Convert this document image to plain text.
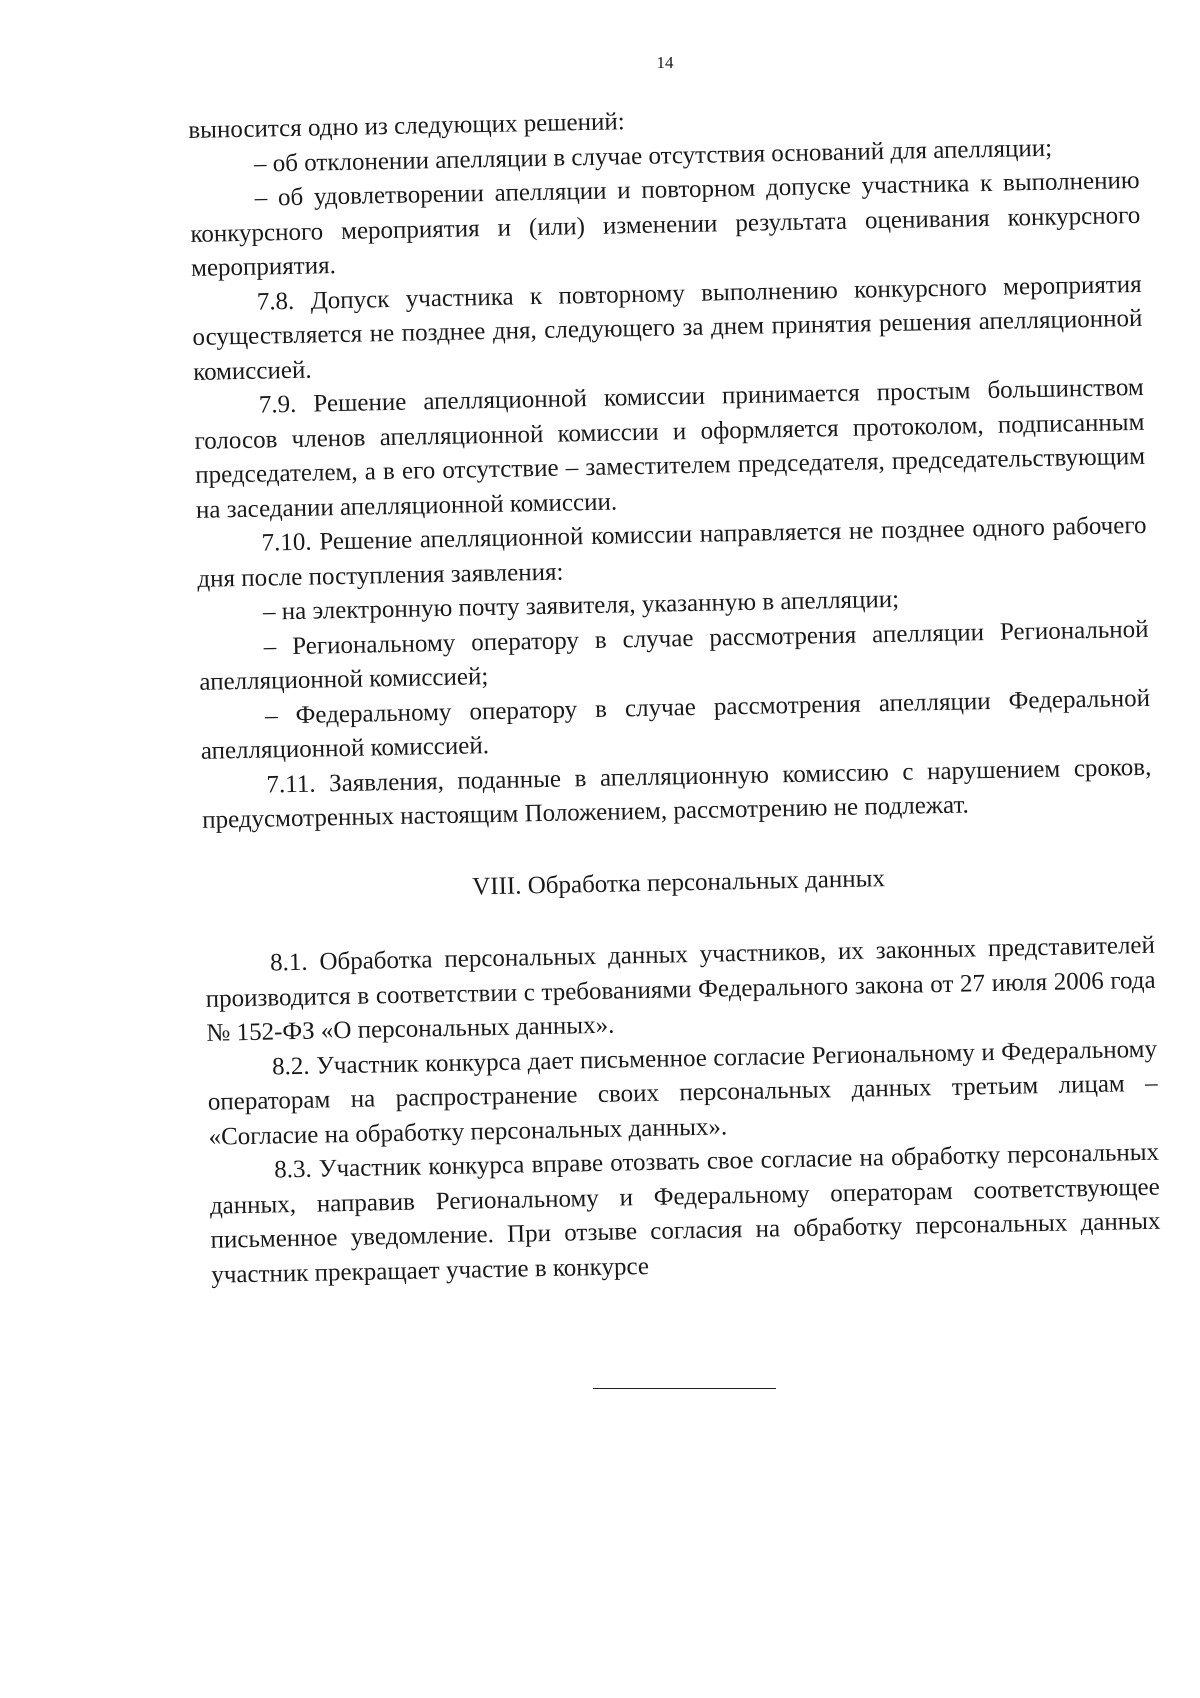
14

выносится одно из следующих решений:

– об отклонении апелляции в случае отсутствия оснований для апелляции;

– об удовлетворении апелляции и повторном допуске участника к выполнению конкурсного мероприятия и (или) изменении результата оценивания конкурсного мероприятия.

7.8. Допуск участника к повторному выполнению конкурсного мероприятия осуществляется не позднее дня, следующего за днем принятия решения апелляционной комиссией.

7.9. Решение апелляционной комиссии принимается простым большинством голосов членов апелляционной комиссии и оформляется протоколом, подписанным председателем, а в его отсутствие – заместителем председателя, председательствующим на заседании апелляционной комиссии.

7.10. Решение апелляционной комиссии направляется не позднее одного рабочего дня после поступления заявления:

– на электронную почту заявителя, указанную в апелляции;

– Региональному оператору в случае рассмотрения апелляции Региональной апелляционной комиссией;

– Федеральному оператору в случае рассмотрения апелляции Федеральной апелляционной комиссией.

7.11. Заявления, поданные в апелляционную комиссию с нарушением сроков, предусмотренных настоящим Положением, рассмотрению не подлежат.

VIII. Обработка персональных данных

8.1. Обработка персональных данных участников, их законных представителей производится в соответствии с требованиями Федерального закона от 27 июля 2006 года № 152-ФЗ «О персональных данных».

8.2. Участник конкурса дает письменное согласие Региональному и Федеральному операторам на распространение своих персональных данных третьим лицам – «Согласие на обработку персональных данных».

8.3. Участник конкурса вправе отозвать свое согласие на обработку персональных данных, направив Региональному и Федеральному операторам соответствующее письменное уведомление. При отзыве согласия на обработку персональных данных участник прекращает участие в конкурсе
